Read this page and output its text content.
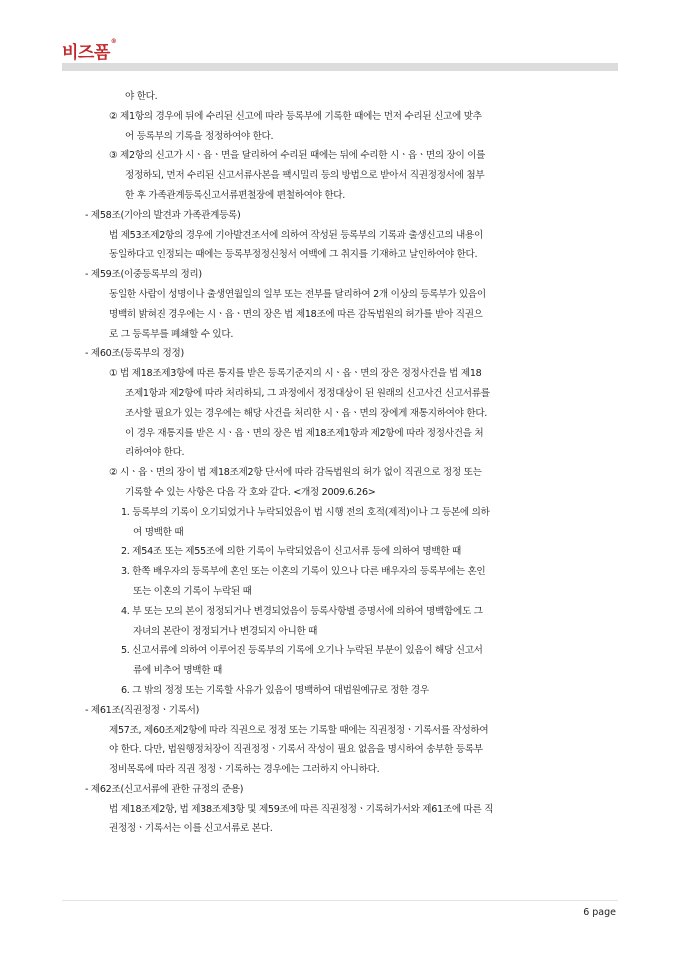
비즈폼®
야 한다.
② 제1항의 경우에 뒤에 수리된 신고에 따라 등록부에 기록한 때에는 먼저 수리된 신고에 맞추
어 등록부의 기록을 정정하여야 한다.
③ 제2항의 신고가 시ㆍ읍ㆍ면을 달리하여 수리된 때에는 뒤에 수리한 시ㆍ읍ㆍ면의 장이 이를
정정하되, 먼저 수리된 신고서류사본을 팩시밀리 등의 방법으로 받아서 직권정정서에 첨부
한 후 가족관계등록신고서류편철장에 편철하여야 한다.
- 제58조(기아의 발견과 가족관계등록)
법 제53조제2항의 경우에 기아발견조서에 의하여 작성된 등록부의 기록과 출생신고의 내용이
동일하다고 인정되는 때에는 등록부정정신청서 여백에 그 취지를 기재하고 날인하여야 한다.
- 제59조(이중등록부의 정리)
동일한 사람이 성명이나 출생연월일의 일부 또는 전부를 달리하여 2개 이상의 등록부가 있음이
명백히 밝혀진 경우에는 시ㆍ읍ㆍ면의 장은 법 제18조에 따른 감독법원의 허가를 받아 직권으
로 그 등록부를 폐쇄할 수 있다.
- 제60조(등록부의 정정)
① 법 제18조제3항에 따른 통지를 받은 등록기준지의 시ㆍ읍ㆍ면의 장은 정정사건을 법 제18
조제1항과 제2항에 따라 처리하되, 그 과정에서 정정대상이 된 원래의 신고사건 신고서류를
조사할 필요가 있는 경우에는 해당 사건을 처리한 시ㆍ읍ㆍ면의 장에게 재통지하여야 한다.
이 경우 재통지를 받은 시ㆍ읍ㆍ면의 장은 법 제18조제1항과 제2항에 따라 정정사건을 처
리하여야 한다.
② 시ㆍ읍ㆍ면의 장이 법 제18조제2항 단서에 따라 감독법원의 허가 없이 직권으로 정정 또는
기록할 수 있는 사항은 다음 각 호와 같다. <개정 2009.6.26>
1. 등록부의 기록이 오기되었거나 누락되었음이 법 시행 전의 호적(제적)이나 그 등본에 의하
여 명백한 때
2. 제54조 또는 제55조에 의한 기록이 누락되었음이 신고서류 등에 의하여 명백한 때
3. 한쪽 배우자의 등록부에 혼인 또는 이혼의 기록이 있으나 다른 배우자의 등록부에는 혼인
또는 이혼의 기록이 누락된 때
4. 부 또는 모의 본이 정정되거나 변경되었음이 등록사항별 증명서에 의하여 명백함에도 그
자녀의 본란이 정정되거나 변경되지 아니한 때
5. 신고서류에 의하여 이루어진 등록부의 기록에 오기나 누락된 부분이 있음이 해당 신고서
류에 비추어 명백한 때
6. 그 밖의 정정 또는 기록할 사유가 있음이 명백하여 대법원예규로 정한 경우
- 제61조(직권정정ㆍ기록서)
제57조, 제60조제2항에 따라 직권으로 정정 또는 기록할 때에는 직권정정ㆍ기록서를 작성하여
야 한다. 다만, 법원행정처장이 직권정정ㆍ기록서 작성이 필요 없음을 명시하여 송부한 등록부
정비목록에 따라 직권 정정ㆍ기록하는 경우에는 그러하지 아니하다.
- 제62조(신고서류에 관한 규정의 준용)
법 제18조제2항, 법 제38조제3항 및 제59조에 따른 직권정정ㆍ기록허가서와 제61조에 따른 직
권정정ㆍ기록서는 이를 신고서류로 본다.
6 page
